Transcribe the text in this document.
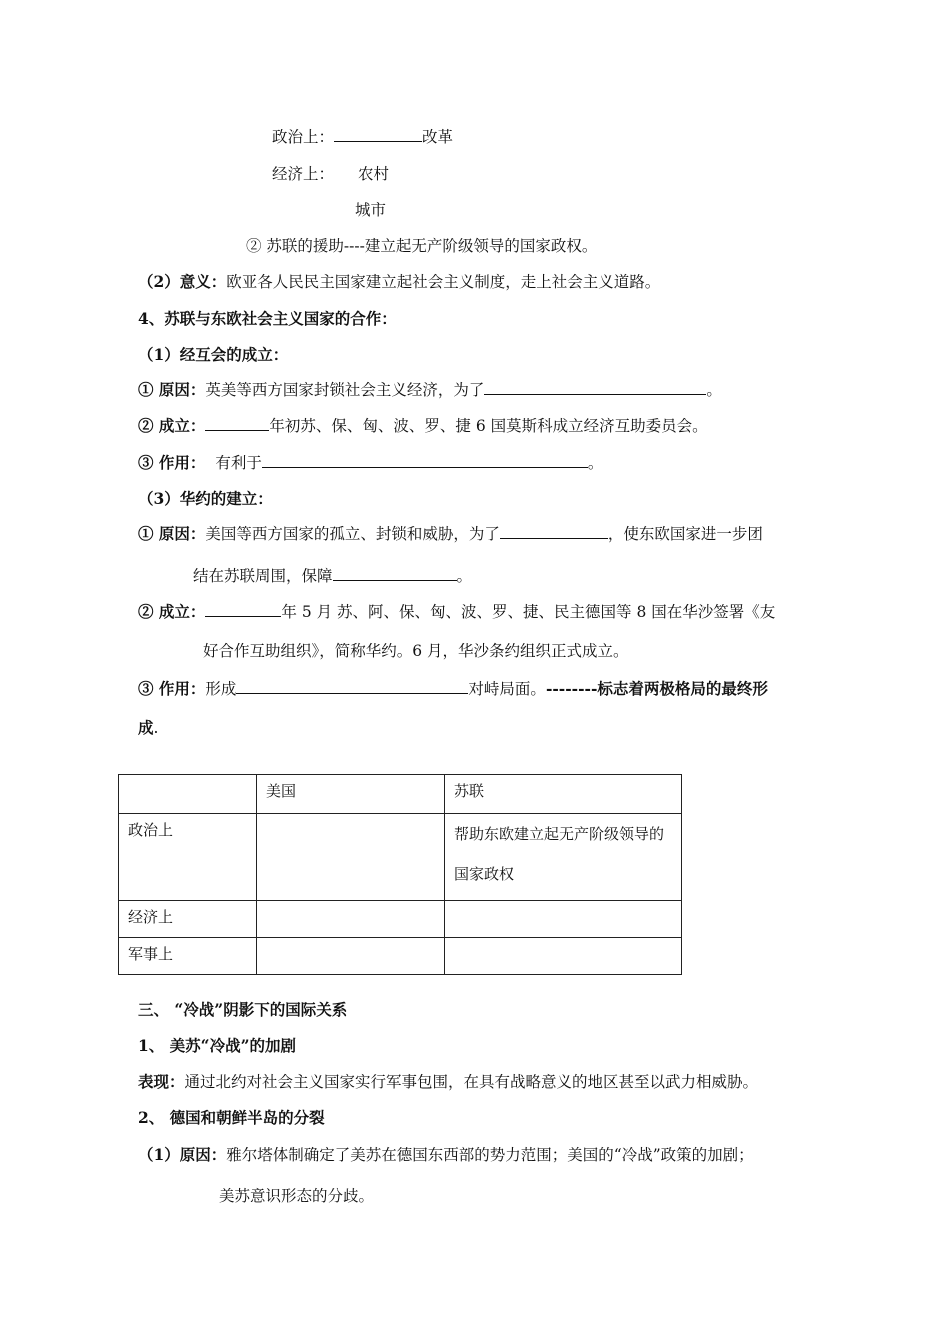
政治上：	改革
经济上： 农村
城市
② 苏联的援助----建立起无产阶级领导的国家政权。
（2）意义：欧亚各人民民主国家建立起社会主义制度，走上社会主义道路。
4、苏联与东欧社会主义国家的合作：
（1）经互会的成立：
① 原因：英美等西方国家封锁社会主义经济，为了	。
② 成立：	年初苏、保、匈、波、罗、捷 6 国莫斯科成立经济互助委员会。
③ 作用： 有利于	。
（3）华约的建立：
① 原因：美国等西方国家的孤立、封锁和威胁，为了	，使东欧国家进一步团
结在苏联周围，保障	。
② 成立：	年 5 月 苏、阿、保、匈、波、罗、捷、民主德国等 8 国在华沙签署《友
好合作互助组织》，简称华约。6 月，华沙条约组织正式成立。
③ 作用：形成	对峙局面。--------标志着两极格局的最终形
成.
	美国	苏联
政治上		帮助东欧建立起无产阶级领导的国家政权
经济上		
军事上		
三、 “冷战”阴影下的国际关系
1、 美苏“冷战”的加剧
表现：通过北约对社会主义国家实行军事包围，在具有战略意义的地区甚至以武力相威胁。
2、 德国和朝鲜半岛的分裂
（1）原因：雅尔塔体制确定了美苏在德国东西部的势力范围；美国的“冷战”政策的加剧；
美苏意识形态的分歧。
